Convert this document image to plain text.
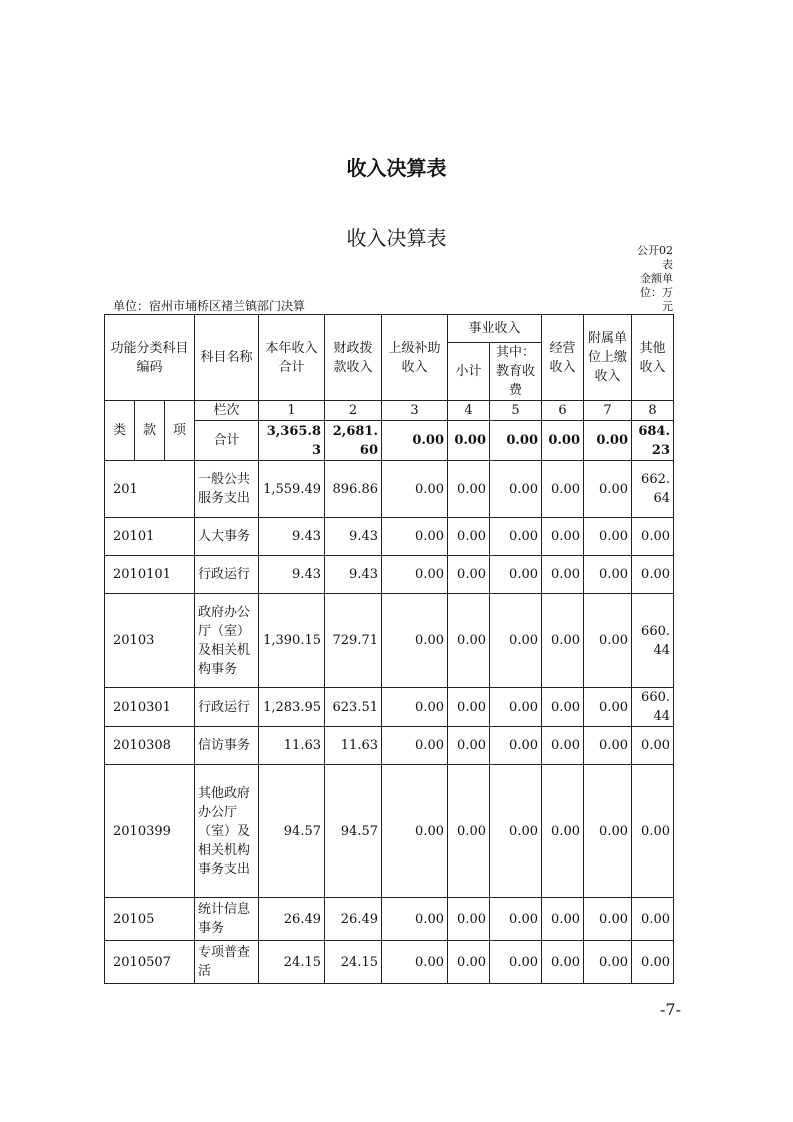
收入决算表
收入决算表
公开02表
金额单位：万元
单位：宿州市埇桥区褚兰镇部门决算
功能分类科目编码			科目名称	本年收入合计	财政拨款收入	上级补助收入	事业收入		经营收入	附属单位上缴收入	其他收入
							小计	其中：教育收费			

类	款	项	栏次	1	2	3	4	5	6	7	8
			合计	3,365.83	2,681.60	0.00	0.00	0.00	0.00	0.00	684.23
201			一般公共服务支出	1,559.49	896.86	0.00	0.00	0.00	0.00	0.00	662.64
20101			人大事务	9.43	9.43	0.00	0.00	0.00	0.00	0.00	0.00
2010101			行政运行	9.43	9.43	0.00	0.00	0.00	0.00	0.00	0.00
20103			政府办公厅（室）及相关机构事务	1,390.15	729.71	0.00	0.00	0.00	0.00	0.00	660.44
2010301			行政运行	1,283.95	623.51	0.00	0.00	0.00	0.00	0.00	660.44
2010308			信访事务	11.63	11.63	0.00	0.00	0.00	0.00	0.00	0.00
2010399			其他政府办公厅（室）及相关机构事务支出	94.57	94.57	0.00	0.00	0.00	0.00	0.00	0.00
20105			统计信息事务	26.49	26.49	0.00	0.00	0.00	0.00	0.00	0.00
2010507			专项普查活	24.15	24.15	0.00	0.00	0.00	0.00	0.00	0.00
-7-
